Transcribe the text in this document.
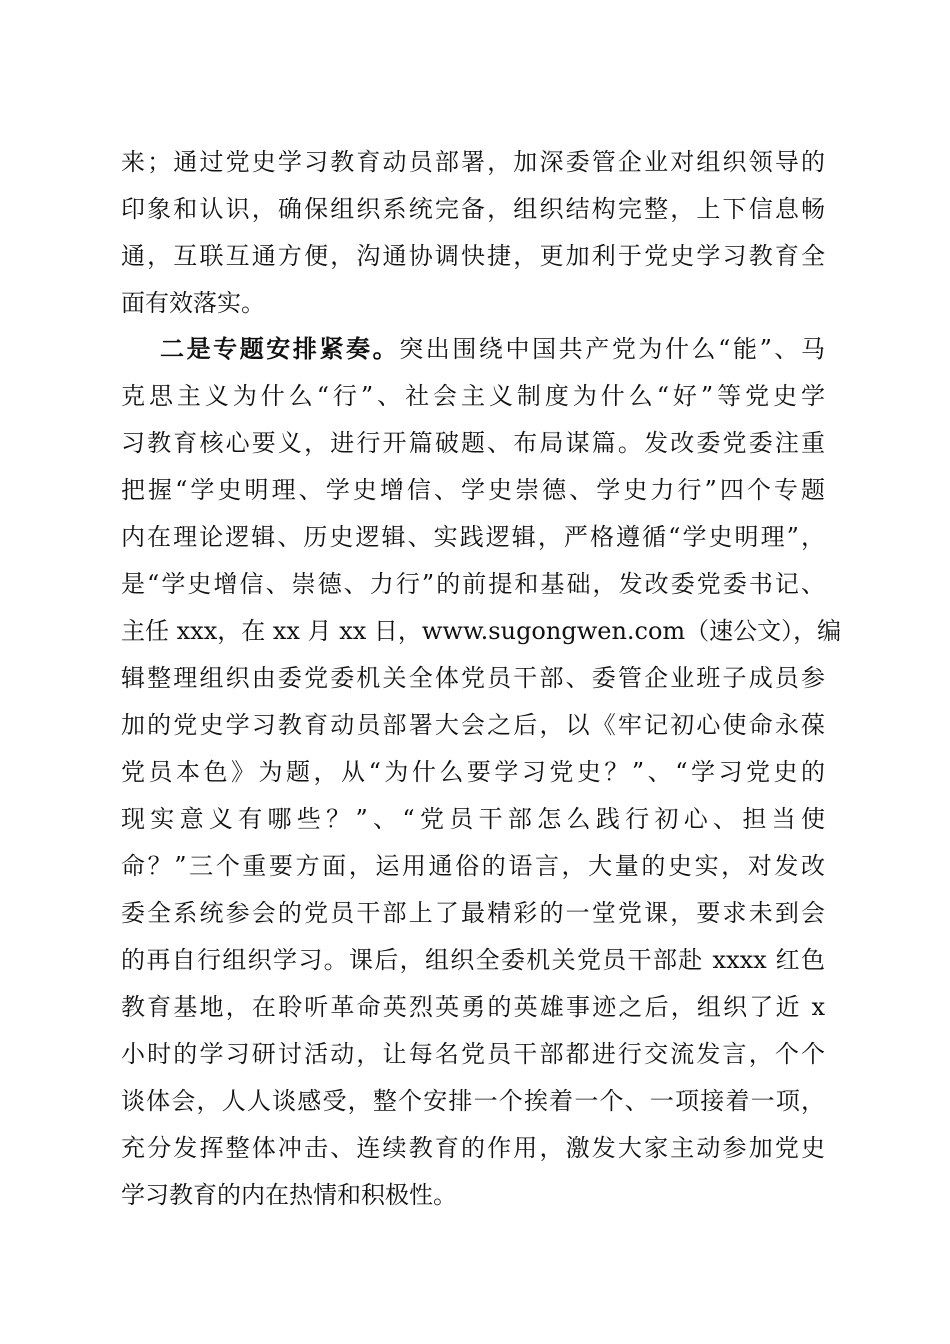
来；通过党史学习教育动员部署，加深委管企业对组织领导的
印象和认识，确保组织系统完备，组织结构完整，上下信息畅
通，互联互通方便，沟通协调快捷，更加利于党史学习教育全
面有效落实。
二是专题安排紧奏。突出围绕中国共产党为什么“能”、马
克思主义为什么“行”、社会主义制度为什么“好”等党史学
习教育核心要义，进行开篇破题、布局谋篇。发改委党委注重
把握“学史明理、学史增信、学史崇德、学史力行”四个专题
内在理论逻辑、历史逻辑、实践逻辑，严格遵循“学史明理”，
是“学史增信、崇德、力行”的前提和基础，发改委党委书记、
主任 xxx，在 xx 月 xx 日，www.sugongwen.com（速公文），编
辑整理组织由委党委机关全体党员干部、委管企业班子成员参
加的党史学习教育动员部署大会之后，以《牢记初心使命永葆
党员本色》为题，从“为什么要学习党史？”、“学习党史的
现实意义有哪些？”、“党员干部怎么践行初心、担当使
命？”三个重要方面，运用通俗的语言，大量的史实，对发改
委全系统参会的党员干部上了最精彩的一堂党课，要求未到会
的再自行组织学习。课后，组织全委机关党员干部赴 xxxx 红色
教育基地，在聆听革命英烈英勇的英雄事迹之后，组织了近 x
小时的学习研讨活动，让每名党员干部都进行交流发言，个个
谈体会，人人谈感受，整个安排一个挨着一个、一项接着一项，
充分发挥整体冲击、连续教育的作用，激发大家主动参加党史
学习教育的内在热情和积极性。
